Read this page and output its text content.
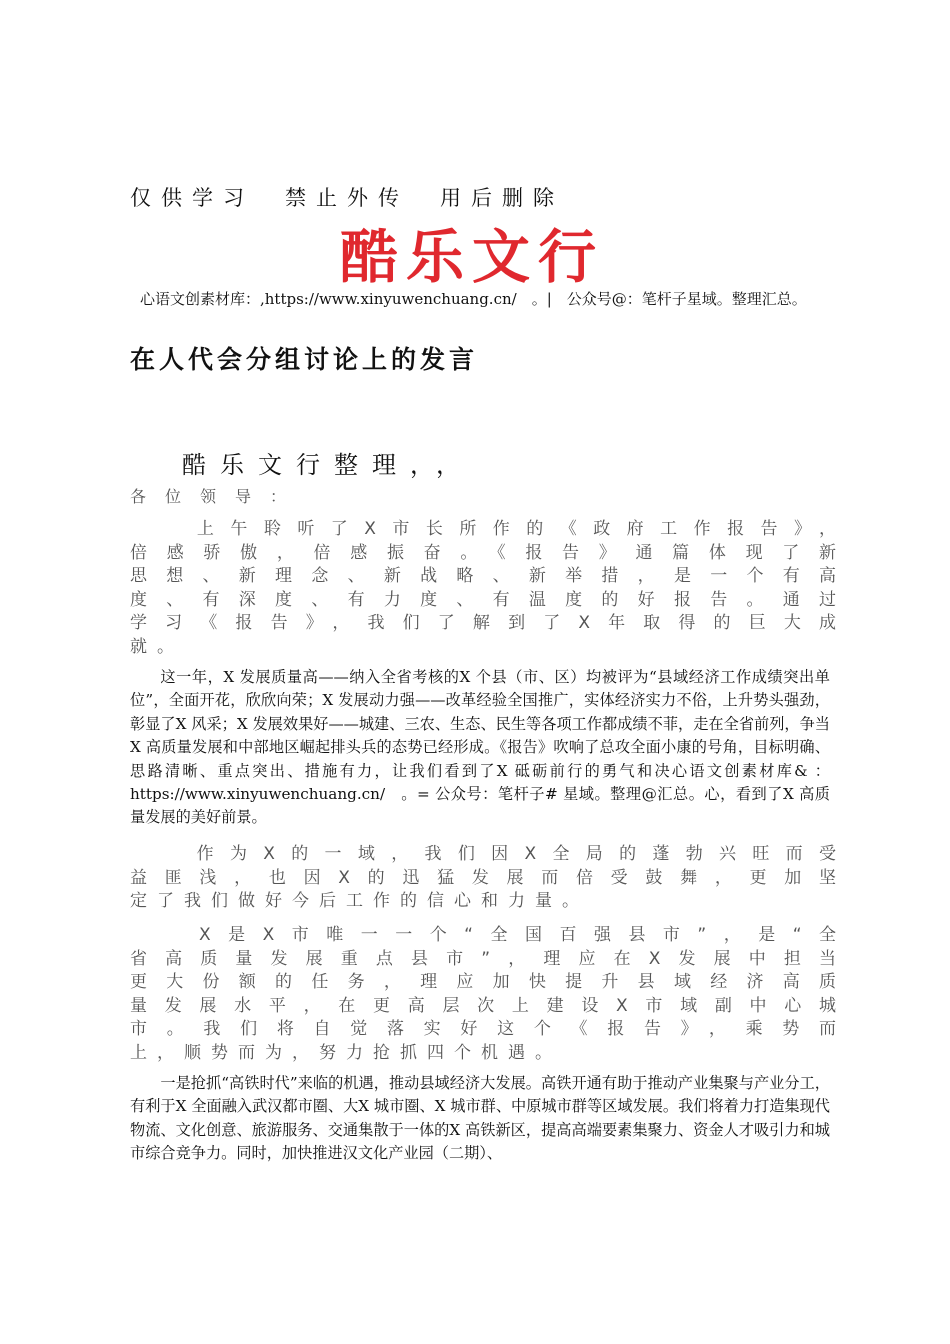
仅供学习　禁止外传　用后删除
酷乐文行
心语文创素材库：,https://www.xinyuwenchuang.cn/　。|　公众号@：笔杆子星域。整理汇总。
在人代会分组讨论上的发言
酷乐文行整理，，
各位领导：
　　上午聆听了X市长所作的《政府工作报告》，
倍感骄傲，倍感振奋。《报告》通篇体现了新
思想、新理念、新战略、新举措，是一个有高
度、有深度、有力度、有温度的好报告。通过
学习《报告》，我们了解到了X年取得的巨大成
就。
这一年，X 发展质量高——纳入全省考核的X 个县（市、区）均被评为“县域经济工作成绩突出单位”，全面开花，欣欣向荣；X 发展动力强——改革经验全国推广，实体经济实力不俗，上升势头强劲，彰显了X 风采；X 发展效果好——城建、三农、生态、民生等各项工作都成绩不菲，走在全省前列，争当X 高质量发展和中部地区崛起排头兵的态势已经形成。《报告》吹响了总攻全面小康的号角，目标明确、思路清晰、重点突出、措施有力，让我们看到了X 砥砺前行的勇气和决心语文创素材库& ：https://www.xinyuwenchuang.cn/　。= 公众号：笔杆子# 星域。整理@汇总。心，看到了X 高质量发展的美好前景。
　　作为X的一域，我们因X全局的蓬勃兴旺而受
益匪浅，也因X的迅猛发展而倍受鼓舞，更加坚
定了我们做好今后工作的信心和力量。
　　X是X市唯一一个“全国百强县市”，是“全
省高质量发展重点县市”，理应在X发展中担当
更大份额的任务，理应加快提升县域经济高质
量发展水平，在更高层次上建设X市域副中心城
市。我们将自觉落实好这个《报告》，乘势而
上，顺势而为，努力抢抓四个机遇。
一是抢抓“高铁时代”来临的机遇，推动县域经济大发展。高铁开通有助于推动产业集聚与产业分工，有利于X 全面融入武汉都市圈、大X 城市圈、X 城市群、中原城市群等区域发展。我们将着力打造集现代物流、文化创意、旅游服务、交通集散于一体的X 高铁新区，提高高端要素集聚力、资金人才吸引力和城市综合竞争力。同时，加快推进汉文化产业园（二期）、
